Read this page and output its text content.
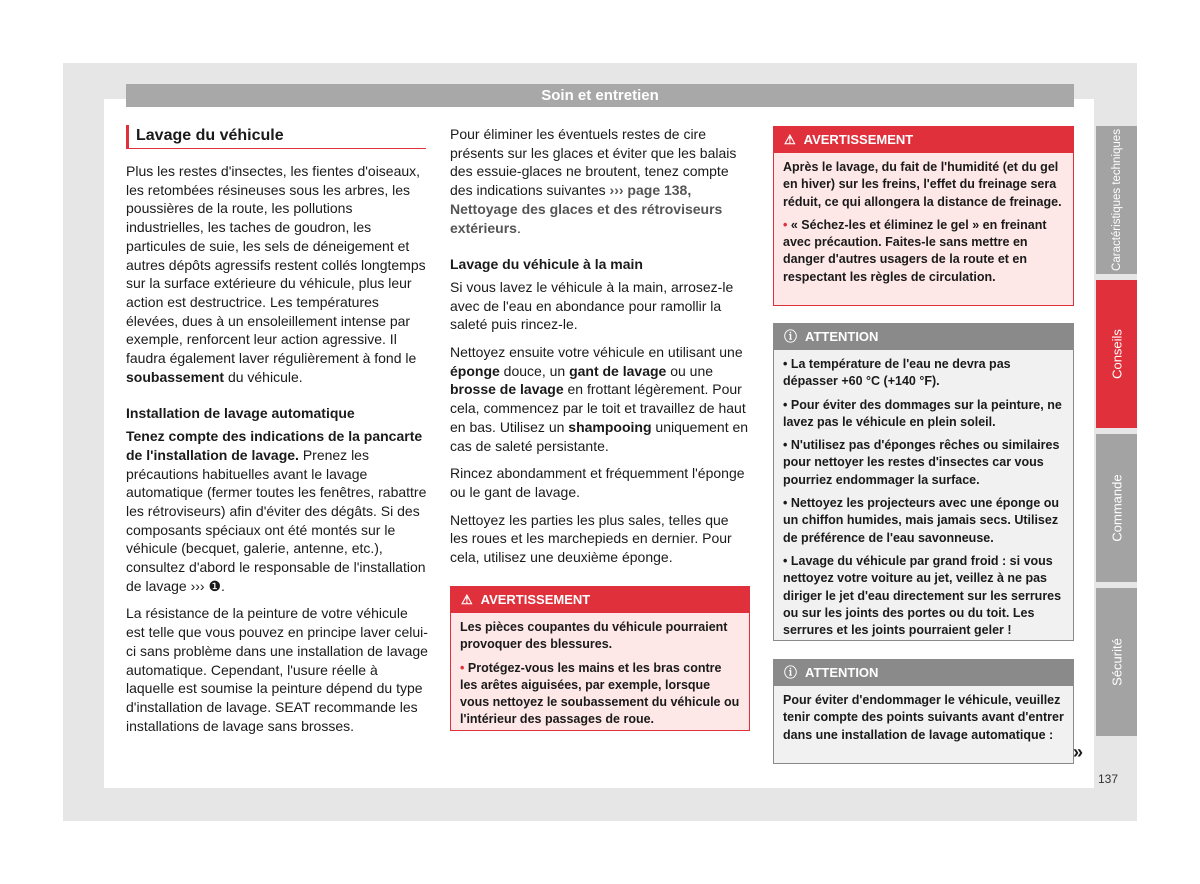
Soin et entretien
Lavage du véhicule

Plus les restes d'insectes, les fientes d'oiseaux, les retombées résineuses sous les arbres, les poussières de la route, les pollutions industrielles, les taches de goudron, les particules de suie, les sels de déneigement et autres dépôts agressifs restent collés longtemps sur la surface extérieure du véhicule, plus leur action est destructrice. Les températures élevées, dues à un ensoleillement intense par exemple, renforcent leur action agressive. Il faudra également laver régulièrement à fond le soubassement du véhicule.

Installation de lavage automatique

Tenez compte des indications de la pancarte de l'installation de lavage. Prenez les précautions habituelles avant le lavage automatique (fermer toutes les fenêtres, rabattre les rétroviseurs) afin d'éviter des dégâts. Si des composants spéciaux ont été montés sur le véhicule (becquet, galerie, antenne, etc.), consultez d'abord le responsable de l'installation de lavage ››› ❶.

La résistance de la peinture de votre véhicule est telle que vous pouvez en principe laver celui-ci sans problème dans une installation de lavage automatique. Cependant, l'usure réelle à laquelle est soumise la peinture dépend du type d'installation de lavage. SEAT recommande les installations de lavage sans brosses.

Pour éliminer les éventuels restes de cire présents sur les glaces et éviter que les balais des essuie-glaces ne broutent, tenez compte des indications suivantes ››› page 138, Nettoyage des glaces et des rétroviseurs extérieurs.

Lavage du véhicule à la main

Si vous lavez le véhicule à la main, arrosez-le avec de l'eau en abondance pour ramollir la saleté puis rincez-le.

Nettoyez ensuite votre véhicule en utilisant une éponge douce, un gant de lavage ou une brosse de lavage en frottant légèrement. Pour cela, commencez par le toit et travaillez de haut en bas. Utilisez un shampooing uniquement en cas de saleté persistante.

Rincez abondamment et fréquemment l'éponge ou le gant de lavage.

Nettoyez les parties les plus sales, telles que les roues et les marchepieds en dernier. Pour cela, utilisez une deuxième éponge.

⚠ AVERTISSEMENT

Les pièces coupantes du véhicule pourraient provoquer des blessures.

• Protégez-vous les mains et les bras contre les arêtes aiguisées, par exemple, lorsque vous nettoyez le soubassement du véhicule ou l'intérieur des passages de roue.

⚠ AVERTISSEMENT

Après le lavage, du fait de l'humidité (et du gel en hiver) sur les freins, l'effet du freinage sera réduit, ce qui allongera la distance de freinage.

• « Séchez-les et éliminez le gel » en freinant avec précaution. Faites-le sans mettre en danger d'autres usagers de la route et en respectant les règles de circulation.

ⓘ ATTENTION

• La température de l'eau ne devra pas dépasser +60 °C (+140 °F).

• Pour éviter des dommages sur la peinture, ne lavez pas le véhicule en plein soleil.

• N'utilisez pas d'éponges rêches ou similaires pour nettoyer les restes d'insectes car vous pourriez endommager la surface.

• Nettoyez les projecteurs avec une éponge ou un chiffon humides, mais jamais secs. Utilisez de préférence de l'eau savonneuse.

• Lavage du véhicule par grand froid : si vous nettoyez votre voiture au jet, veillez à ne pas diriger le jet d'eau directement sur les serrures ou sur les joints des portes ou du toit. Les serrures et les joints pourraient geler !

ⓘ ATTENTION

Pour éviter d'endommager le véhicule, veuillez tenir compte des points suivants avant d'entrer dans une installation de lavage automatique :

»
Caractéristiques techniques
Conseils
Commande
Sécurité
137
